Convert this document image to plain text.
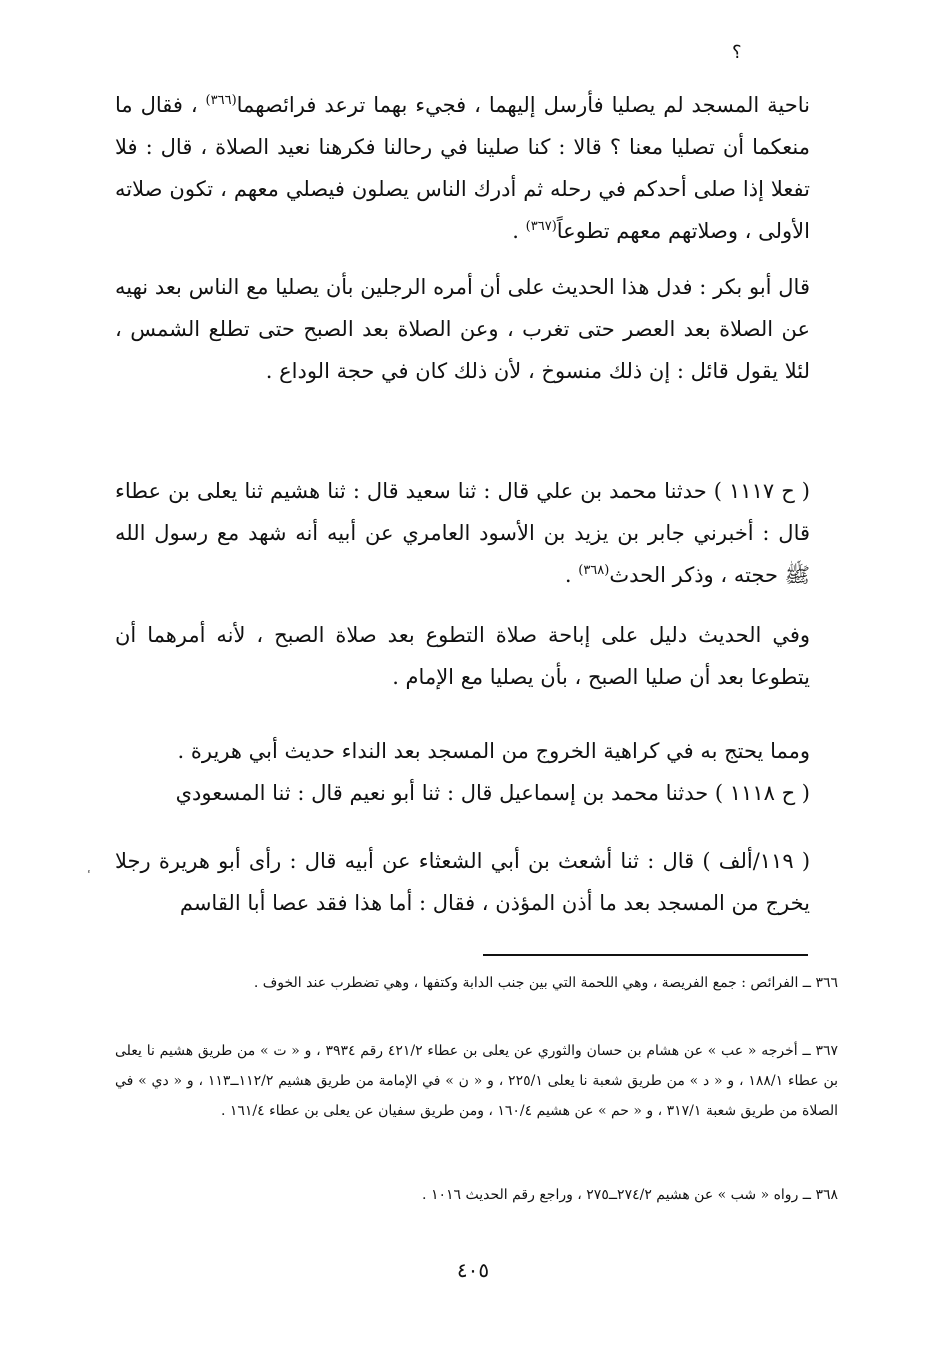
؟

ناحية المسجد لم يصليا فأرسل إليهما ، فجيء بهما ترعد فرائصهما$^{(٣٦٦)}$ ، فقال ما منعكما أن تصليا معنا ؟ قالا : كنا صلينا في رحالنا فكرهنا نعيد الصلاة ، قال : فلا تفعلا إذا صلى أحدكم في رحله ثم أدرك الناس يصلون فيصلي معهم ، تكون صلاته الأولى ، وصلاتهم معهم تطوعاً$^{(٣٦٧)}$ .

قال أبو بكر : فدل هذا الحديث على أن أمره الرجلين بأن يصليا مع الناس بعد نهيه عن الصلاة بعد العصر حتى تغرب ، وعن الصلاة بعد الصبح حتى تطلع الشمس ، لئلا يقول قائل : إن ذلك منسوخ ، لأن ذلك كان في حجة الوداع .

( ح ١١١٧ ) حدثنا محمد بن علي قال : ثنا سعيد قال : ثنا هشيم ثنا يعلى بن عطاء قال : أخبرني جابر بن يزيد بن الأسود العامري عن أبيه أنه شهد مع رسول الله ﷺ حجته ، وذكر الحدث$^{(٣٦٨)}$ .

وفي الحديث دليل على إباحة صلاة التطوع بعد صلاة الصبح ، لأنه أمرهما أن يتطوعا بعد أن صليا الصبح ، بأن يصليا مع الإمام .

ومما يحتج به في كراهية الخروج من المسجد بعد النداء حديث أبي هريرة .

( ح ١١١٨ ) حدثنا محمد بن إسماعيل قال : ثنا أبو نعيم قال : ثنا المسعودي

( ١١٩/ألف ) قال : ثنا أشعث بن أبي الشعثاء عن أبيه قال : رأى أبو هريرة رجلا يخرج من المسجد بعد ما أذن المؤذن ، فقال : أما هذا فقد عصا أبا القاسم

٣٦٦ ــ الفرائص : جمع الفريصة ، وهي اللحمة التي بين جنب الدابة وكتفها ، وهي تضطرب عند الخوف .

٣٦٧ ــ أخرجه « عب » عن هشام بن حسان والثوري عن يعلى بن عطاء ٤٢١/٢ رقم ٣٩٣٤ ، و « ت » من طريق هشيم نا يعلى بن عطاء ١٨٨/١ ، و « د » من طريق شعبة نا يعلى ٢٢٥/١ ، و « ن » في الإمامة من طريق هشيم ١١٢/٢ــ١١٣ ، و « دي » في الصلاة من طريق شعبة ٣١٧/١ ، و « حم » عن هشيم ١٦٠/٤ ، ومن طريق سفيان عن يعلى بن عطاء ١٦١/٤ .

٣٦٨ ــ رواه « شب » عن هشيم ٢٧٤/٢ــ٢٧٥ ، وراجع رقم الحديث ١٠١٦ .

٤٠٥
